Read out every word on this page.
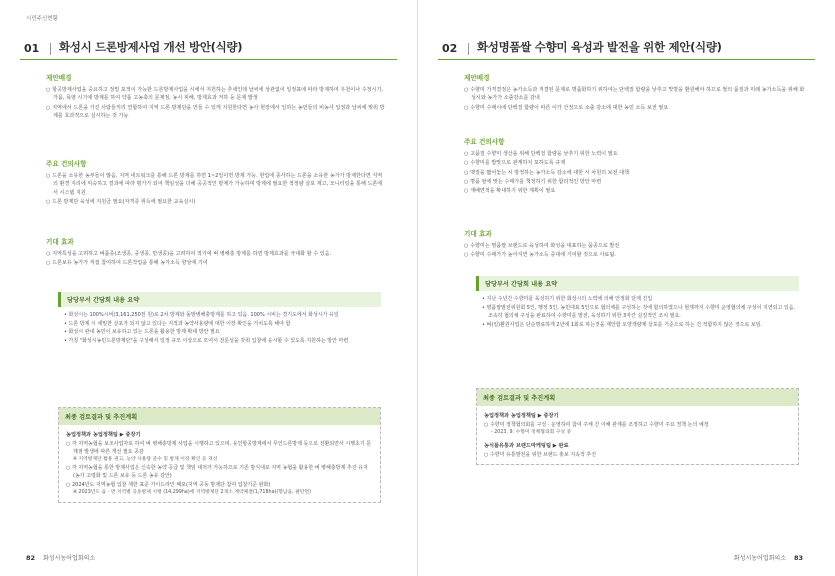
시민주신현황
01	화성시 드론방제사업 개선 방안(식량)
제안배경
○ 항공방제사업을 중요하고 정밀 포적이 가능한 드론방제사업을 시에서 지원하는 추세인데 날씨에 상관없이 일정표에 따라 방제하여 우천이나 수정시기, 가뭄, 폭염 시기에 방제를 하여 약품 고농축의 문제점, 농시 피해, 방제효과 저하 등 문제 발생
○ 지역에서 드론을 가진 사람들끼리 연합하여 지역 드론 방제단을 만들 수 있게 지원한다면 농사 현장에서 일하는 농민들의 비농사 일정과 날씨에 맞춰 방제를 효과적으로 실시하는 것 가능
주요 건의사항
○ 드론을 소유한 농부들이 많음, 지역 네트워크를 통해 드론 방제를 하면 1~2일이면 방제 가능. 현업에 종사하는 드론을 소유한 농가가 방제한다면 지역의 환경 지리에 익숙하고 결과에 따라 평가가 되어 책임성을 더해 공공적인 방제가 가능하며 방제에 필요한 적정량 살포 제고, 모니터링을 통해 드론에서 시스템 지원
○ 드론 방제단 육성에 지원금 필요(자격증 취득에 필요한 교육실시)
기대 효과
○ 지역특성을 고려하고 벼품종(조생종, 중생종, 만생종)을 고려하여 적기에 벼 병해충 방제를 하면 방제효과를 극대화 할 수 있음.
○ 드론보유 농가가 직접 참여하여 드론작업을 통해 농가소득 향상에 기여
담당부서 간담회 내용 요약
• 화성시는 100%시비(3,161,250천 원)로 2차 방제와 돌발병해충방제를 하고 있음. 100% 시비는 경기도에서 화성시가 유일
• 드론 방제 시 세밀한 살포가 되지 않고 있다는 지적과 농약사용량에 대한 이장 확인을 거치도록 해야 함
• 화성시 관내 농민이 보유하고 있는 드론을 활용한 방제 확대 방안 필요
• 가칭 "화성시농민드론방제단"을 구성해서 일정 규모 이상으로 모여서 전문성을 갖춰 입찰에 응시할 수 있도록 지원하는 방안 마련
최종 검토결과 및 추진계획
농업정책과 농업정책팀 ▶ 중장기
○ 각 지역농협을 보조사업자로 하여 벼 병해충방제 사업을 시행하고 있으며, 유인항공방제에서 무인드론방제 등으로 전환되면서 시행초기 문제점 발생에 따른 개선 필요 공감
※ 지역방제단 활용 권고, 농약 사용량 준수 및 방제 이장 확인 등 개선
○ 각 지역농협을 통한 방제사업은 신속한 농약 공급 및 책임 대처가 가능하므로 기존 방식대로 지역 농협을 활용한 벼 병해충방제 추진 유지(농가 고령화 및 드론 보유 등 드론 농유 감안)
○ 2024년도 지역농협 입찰 제한 표준 가이드라인 배포(지역 공동 방제단 참여 입찰기준 완화)
※ 2023년도 읍 · 면 지역별 공동방제 시행 (14,299ha)에 지역방제단 2개소 계약체결(1,718ha)(향남읍, 팔탄면)
82 화성시농어업회의소
02	화성명품쌀 수향미 육성과 발전을 위한 제안(식량)
제안배경
○ 수향미 가격결정은 농가소득과 직결된 문제로 명품화하기 위하여는 단백질 함량을 낮추고 맛깔을 환원해야 하므로 쌀의 품질과 미래 농가소득을 위해 화성시와 농가가 소출감소를 감내
○ 수향미 수매시에 단백질 함량이 따른 이가 산정으로 소출 감소에 대한 농민 소득 보전 필요
주요 건의사항
○ 고품질 수향미 생산을 위해 단백질 함량을 낮추기 위한 노력이 필요
○ 수향미를 밥맛으로 관계하지 포하도록 규제
○ 맷질을 짧어놓는 시 방정하는 농가소득 감소에 대한 시 차원의 보전 대책
○ 명품 쌀에 맞는 수매가를 책정하기 위한 합리적인 방안 마련
○ 재배면적을 확대하기 위한 계획이 필요
기대 효과
○ 수향미는 명품쌀 브랜드로 육성하여 화성을 대표하는 품종으로 발전
○ 수향미 수매가가 높아지면 농가소득 증대에 기여할 것으로 사료됨.
담당부서 간담회 내용 요약
• 지난 수년간 수향미를 육성하기 위한 화성시의 노력에 의해 안정화 단계 진입
• 명품쌀발전위원회 5인, 행정 5인, 농민대표 5인으로 협의체를 구성하는 것에 합의하였으나 현재까지 수향미 운영협의체 구성이 지연되고 있음. 조속히 협의체 구성을 완료하여 수향미를 발전, 육성하기 위한 3자간 실질적인 조치 필요.
• 벼(일)환원사업은 단순명료하게 2년에 1회로 하는것을 제안함 토양개량제 살포를 기준으로 하는 건 적합하지 않은 것으로 보임.
최종 검토결과 및 추진계획
농업정책과 농업정책팀 ▶ 중장기
○ 수향미 정책협의회를 구성 · 운영하여 참여 주체 간 이해 관계를 조정하고 수향미 주요 정책 논의 예정
- 2023. 9. 수향미 정책협의회 구성 중
농식품유통과 브랜드마케팅팀 ▶ 완료
○ 수향미 유통발전을 위한 브랜드 홍보 지속적 추진
화성시농어업회의소 83
